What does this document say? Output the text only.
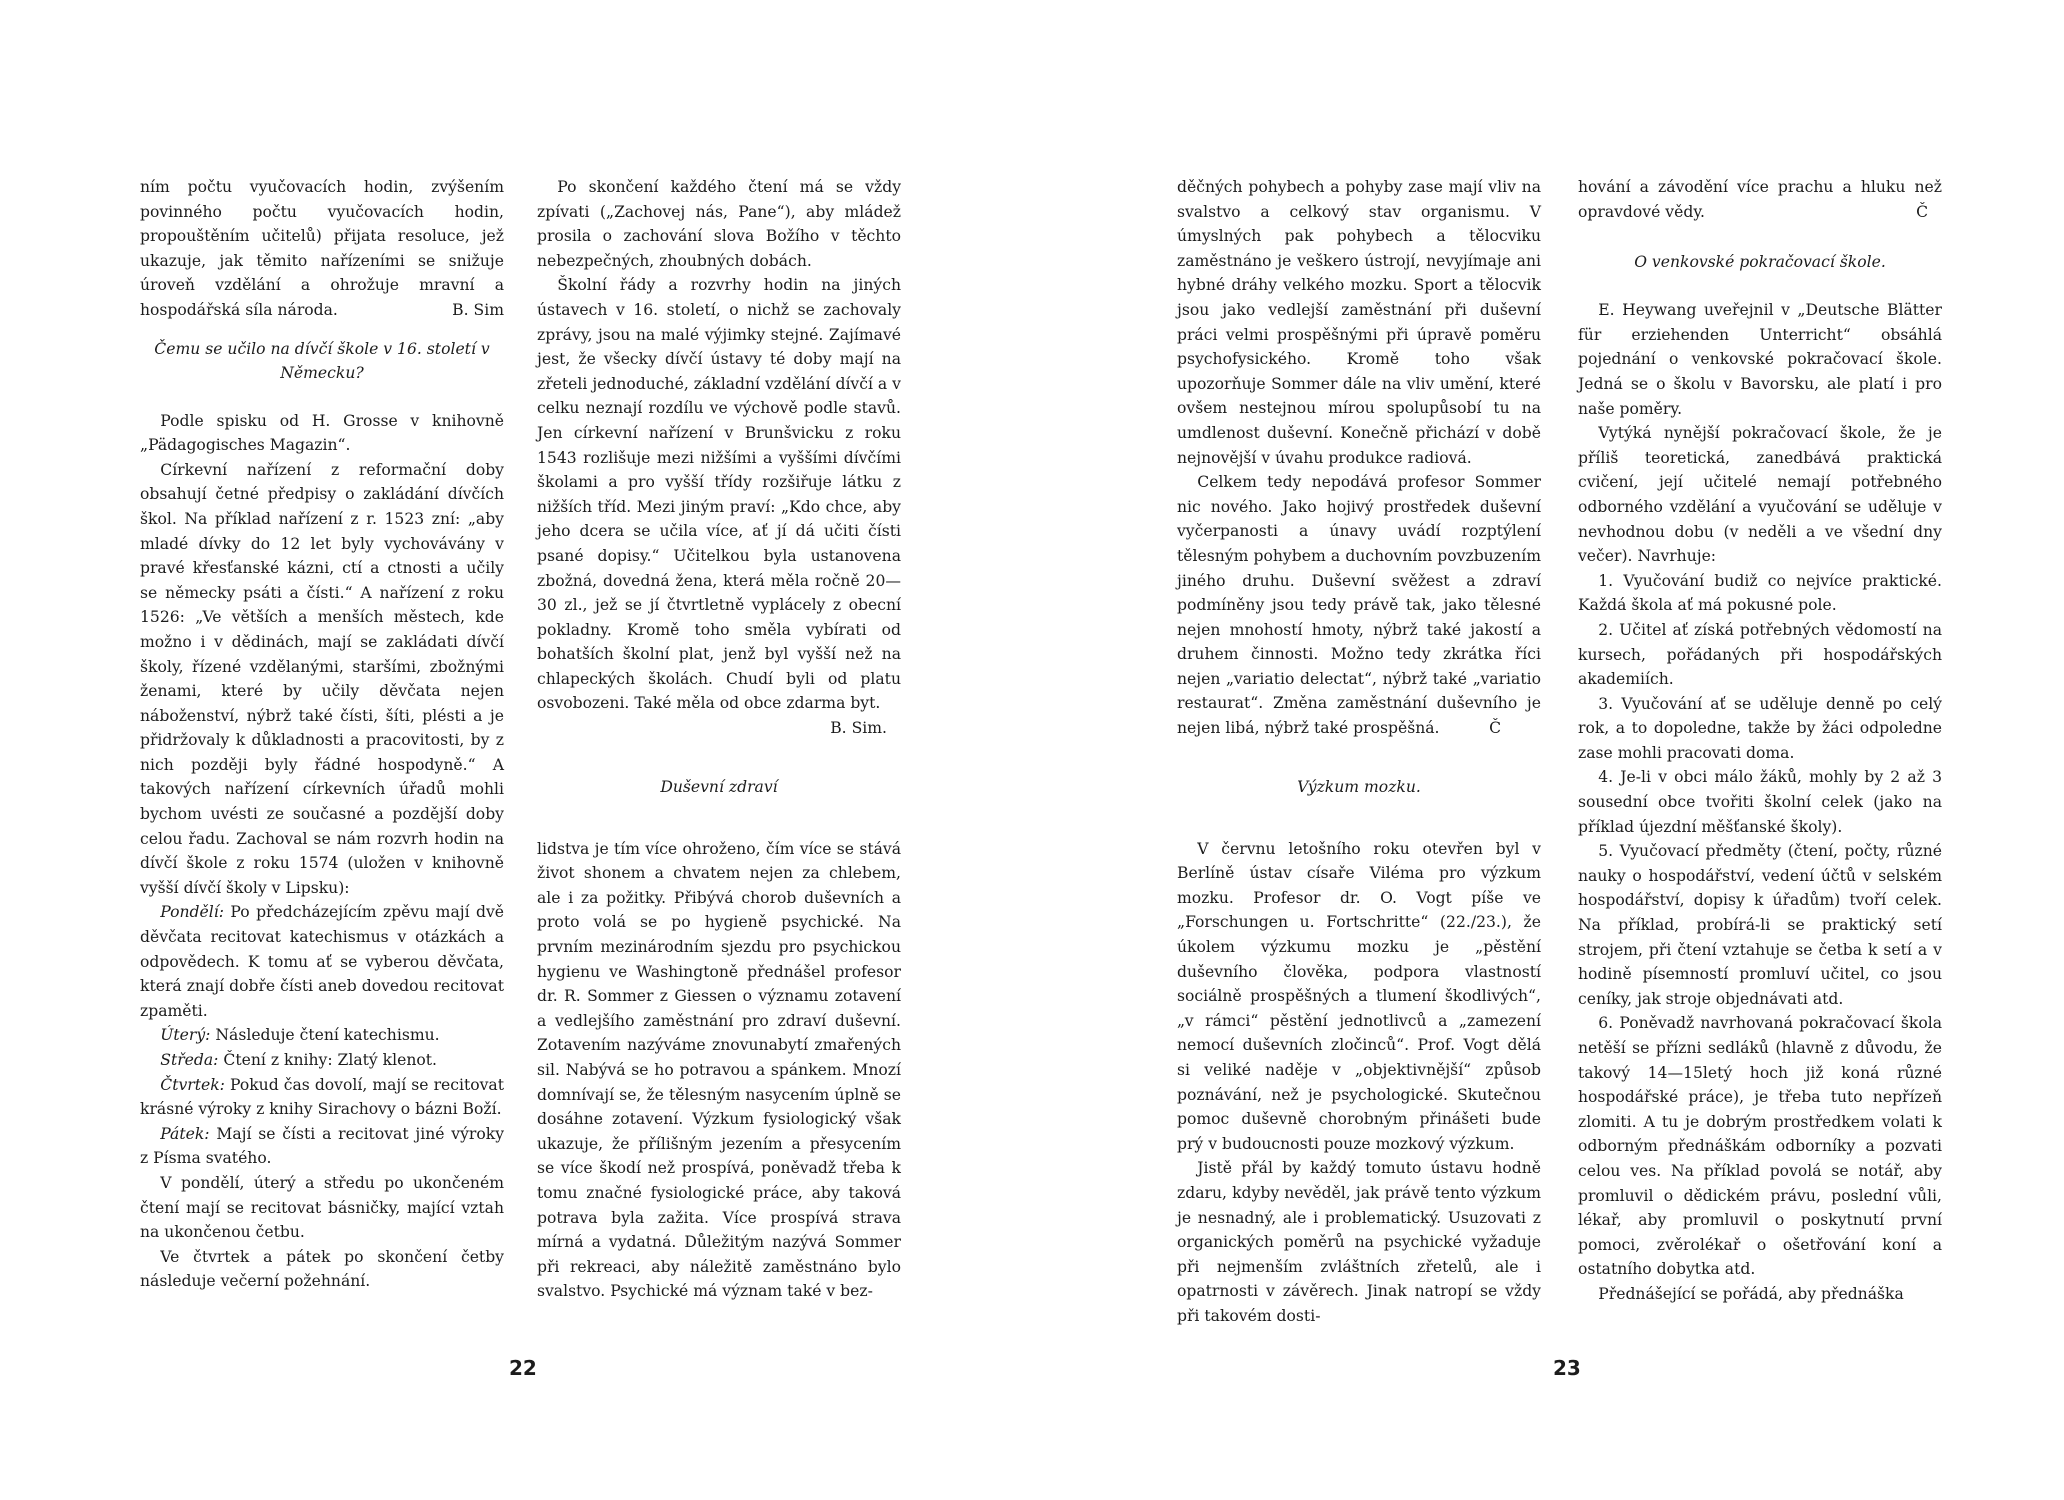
ním počtu vyučovacích hodin, zvýšením povinného počtu vyučovacích hodin, propouštěním učitelů) přijata resoluce, jež ukazuje, jak těmito nařízeními se snižuje úroveň vzdělání a ohrožuje mravní a hospodářská síla národa.	B. Sim

Čemu se učilo na dívčí škole v 16. století v Německu?

Podle spisku od H. Grosse v knihovně „Pädagogisches Magazin“.

Církevní nařízení z reformační doby obsahují četné předpisy o zakládání dívčích škol. Na příklad nařízení z r. 1523 zní: „aby mladé dívky do 12 let byly vychovávány v pravé křesťanské kázni, ctí a ctnosti a učily se německy psáti a čísti.“ A nařízení z roku 1526: „Ve větších a menších městech, kde možno i v dědinách, mají se zakládati dívčí školy, řízené vzdělanými, staršími, zbožnými ženami, které by učily děvčata nejen náboženství, nýbrž také čísti, šíti, plésti a je přidržovaly k důkladnosti a pracovitosti, by z nich později byly řádné hospodyně.“ A takových nařízení církevních úřadů mohli bychom uvésti ze současné a pozdější doby celou řadu. Zachoval se nám rozvrh hodin na dívčí škole z roku 1574 (uložen v knihovně vyšší dívčí školy v Lipsku):

Pondělí: Po předcházejícím zpěvu mají dvě děvčata recitovat katechismus v otázkách a odpovědech. K tomu ať se vyberou děvčata, která znají dobře čísti aneb dovedou recitovat zpaměti.

Úterý: Následuje čtení katechismu.

Středa: Čtení z knihy: Zlatý klenot.

Čtvrtek: Pokud čas dovolí, mají se recitovat krásné výroky z knihy Sirachovy o bázni Boží.

Pátek: Mají se čísti a recitovat jiné výroky z Písma svatého.

V pondělí, úterý a středu po ukončeném čtení mají se recitovat básničky, mající vztah na ukončenou četbu.

Ve čtvrtek a pátek po skončení četby následuje večerní požehnání.

Po skončení každého čtení má se vždy zpívati („Zachovej nás, Pane“), aby mládež prosila o zachování slova Božího v těchto nebezpečných, zhoubných dobách.

Školní řády a rozvrhy hodin na jiných ústavech v 16. století, o nichž se zachovaly zprávy, jsou na malé výjimky stejné. Zajímavé jest, že všecky dívčí ústavy té doby mají na zřeteli jednoduché, základní vzdělání dívčí a v celku neznají rozdílu ve výchově podle stavů. Jen církevní nařízení v Brunšvicku z roku 1543 rozlišuje mezi nižšími a vyššími dívčími školami a pro vyšší třídy rozšiřuje látku z nižších tříd. Mezi jiným praví: „Kdo chce, aby jeho dcera se učila více, ať jí dá učiti čísti psané dopisy.“ Učitelkou byla ustanovena zbožná, dovedná žena, která měla ročně 20—30 zl., jež se jí čtvrtletně vyplácely z obecní pokladny. Kromě toho směla vybírati od bohatších školní plat, jenž byl vyšší než na chlapeckých školách. Chudí byli od platu osvobozeni. Také měla od obce zdarma byt.
B. Sim.

Duševní zdraví

lidstva je tím více ohroženo, čím více se stává život shonem a chvatem nejen za chlebem, ale i za požitky. Přibývá chorob duševních a proto volá se po hygieně psychické. Na prvním mezinárodním sjezdu pro psychickou hygienu ve Washingtoně přednášel profesor dr. R. Sommer z Giessen o významu zotavení a vedlejšího zaměstnání pro zdraví duševní. Zotavením nazýváme znovunabytí zmařených sil. Nabývá se ho potravou a spánkem. Mnozí domnívají se, že tělesným nasycením úplně se dosáhne zotavení. Výzkum fysiologický však ukazuje, že přílišným jezením a přesycením se více škodí než prospívá, poněvadž třeba k tomu značné fysiologické práce, aby taková potrava byla zažita. Více prospívá strava mírná a vydatná. Důležitým nazývá Sommer při rekreaci, aby náležitě zaměstnáno bylo svalstvo. Psychické má význam také v bez-

22

děčných pohybech a pohyby zase mají vliv na svalstvo a celkový stav organismu. V úmyslných pak pohybech a tělocviku zaměstnáno je veškero ústrojí, nevyjímaje ani hybné dráhy velkého mozku. Sport a tělocvik jsou jako vedlejší zaměstnání při duševní práci velmi prospěšnými při úpravě poměru psychofysického. Kromě toho však upozorňuje Sommer dále na vliv umění, které ovšem nestejnou mírou spolupůsobí tu na umdlenost duševní. Konečně přichází v době nejnovější v úvahu produkce radiová.

Celkem tedy nepodává profesor Sommer nic nového. Jako hojivý prostředek duševní vyčerpanosti a únavy uvádí rozptýlení tělesným pohybem a duchovním povzbuzením jiného druhu. Duševní svěžest a zdraví podmíněny jsou tedy právě tak, jako tělesné nejen mnohostí hmoty, nýbrž také jakostí a druhem činnosti. Možno tedy zkrátka říci nejen „variatio delectat“, nýbrž také „variatio restaurat“. Změna zaměstnání duševního je nejen libá, nýbrž také prospěšná.	Č

Výzkum mozku.

V červnu letošního roku otevřen byl v Berlíně ústav císaře Viléma pro výzkum mozku. Profesor dr. O. Vogt píše ve „Forschungen u. Fortschritte“ (22./23.), že úkolem výzkumu mozku je „pěstění duševního člověka, podpora vlastností sociálně prospěšných a tlumení škodlivých“, „v rámci“ pěstění jednotlivců a „zamezení nemocí duševních zločinců“. Prof. Vogt dělá si veliké naděje v „objektivnější“ způsob poznávání, než je psychologické. Skutečnou pomoc duševně chorobným přinášeti bude prý v budoucnosti pouze mozkový výzkum.

Jistě přál by každý tomuto ústavu hodně zdaru, kdyby nevěděl, jak právě tento výzkum je nesnadný, ale i problematický. Usuzovati z organických poměrů na psychické vyžaduje při nejmenším zvláštních zřetelů, ale i opatrnosti v závěrech. Jinak natropí se vždy při takovém dosti-

hování a závodění více prachu a hluku než opravdové vědy.	Č

O venkovské pokračovací škole.

E. Heywang uveřejnil v „Deutsche Blätter für erziehenden Unterricht“ obsáhlá pojednání o venkovské pokračovací škole. Jedná se o školu v Bavorsku, ale platí i pro naše poměry.

Vytýká nynější pokračovací škole, že je příliš teoretická, zanedbává praktická cvičení, její učitelé nemají potřebného odborného vzdělání a vyučování se uděluje v nevhodnou dobu (v neděli a ve všední dny večer). Navrhuje:

1. Vyučování budiž co nejvíce praktické. Každá škola ať má pokusné pole.

2. Učitel ať získá potřebných vědomostí na kursech, pořádaných při hospodářských akademiích.

3. Vyučování ať se uděluje denně po celý rok, a to dopoledne, takže by žáci odpoledne zase mohli pracovati doma.

4. Je-li v obci málo žáků, mohly by 2 až 3 sousední obce tvořiti školní celek (jako na příklad újezdní měšťanské školy).

5. Vyučovací předměty (čtení, počty, různé nauky o hospodářství, vedení účtů v selském hospodářství, dopisy k úřadům) tvoří celek. Na příklad, probírá-li se praktický setí strojem, při čtení vztahuje se četba k setí a v hodině písemností promluví učitel, co jsou ceníky, jak stroje objednávati atd.

6. Poněvadž navrhovaná pokračovací škola netěší se přízni sedláků (hlavně z důvodu, že takový 14—15letý hoch již koná různé hospodářské práce), je třeba tuto nepřízeň zlomiti. A tu je dobrým prostředkem volati k odborným přednáškám odborníky a pozvati celou ves. Na příklad povolá se notář, aby promluvil o dědickém právu, poslední vůli, lékař, aby promluvil o poskytnutí první pomoci, zvěrolékař o ošetřování koní a ostatního dobytka atd.

Přednášející se pořádá, aby přednáška

23
